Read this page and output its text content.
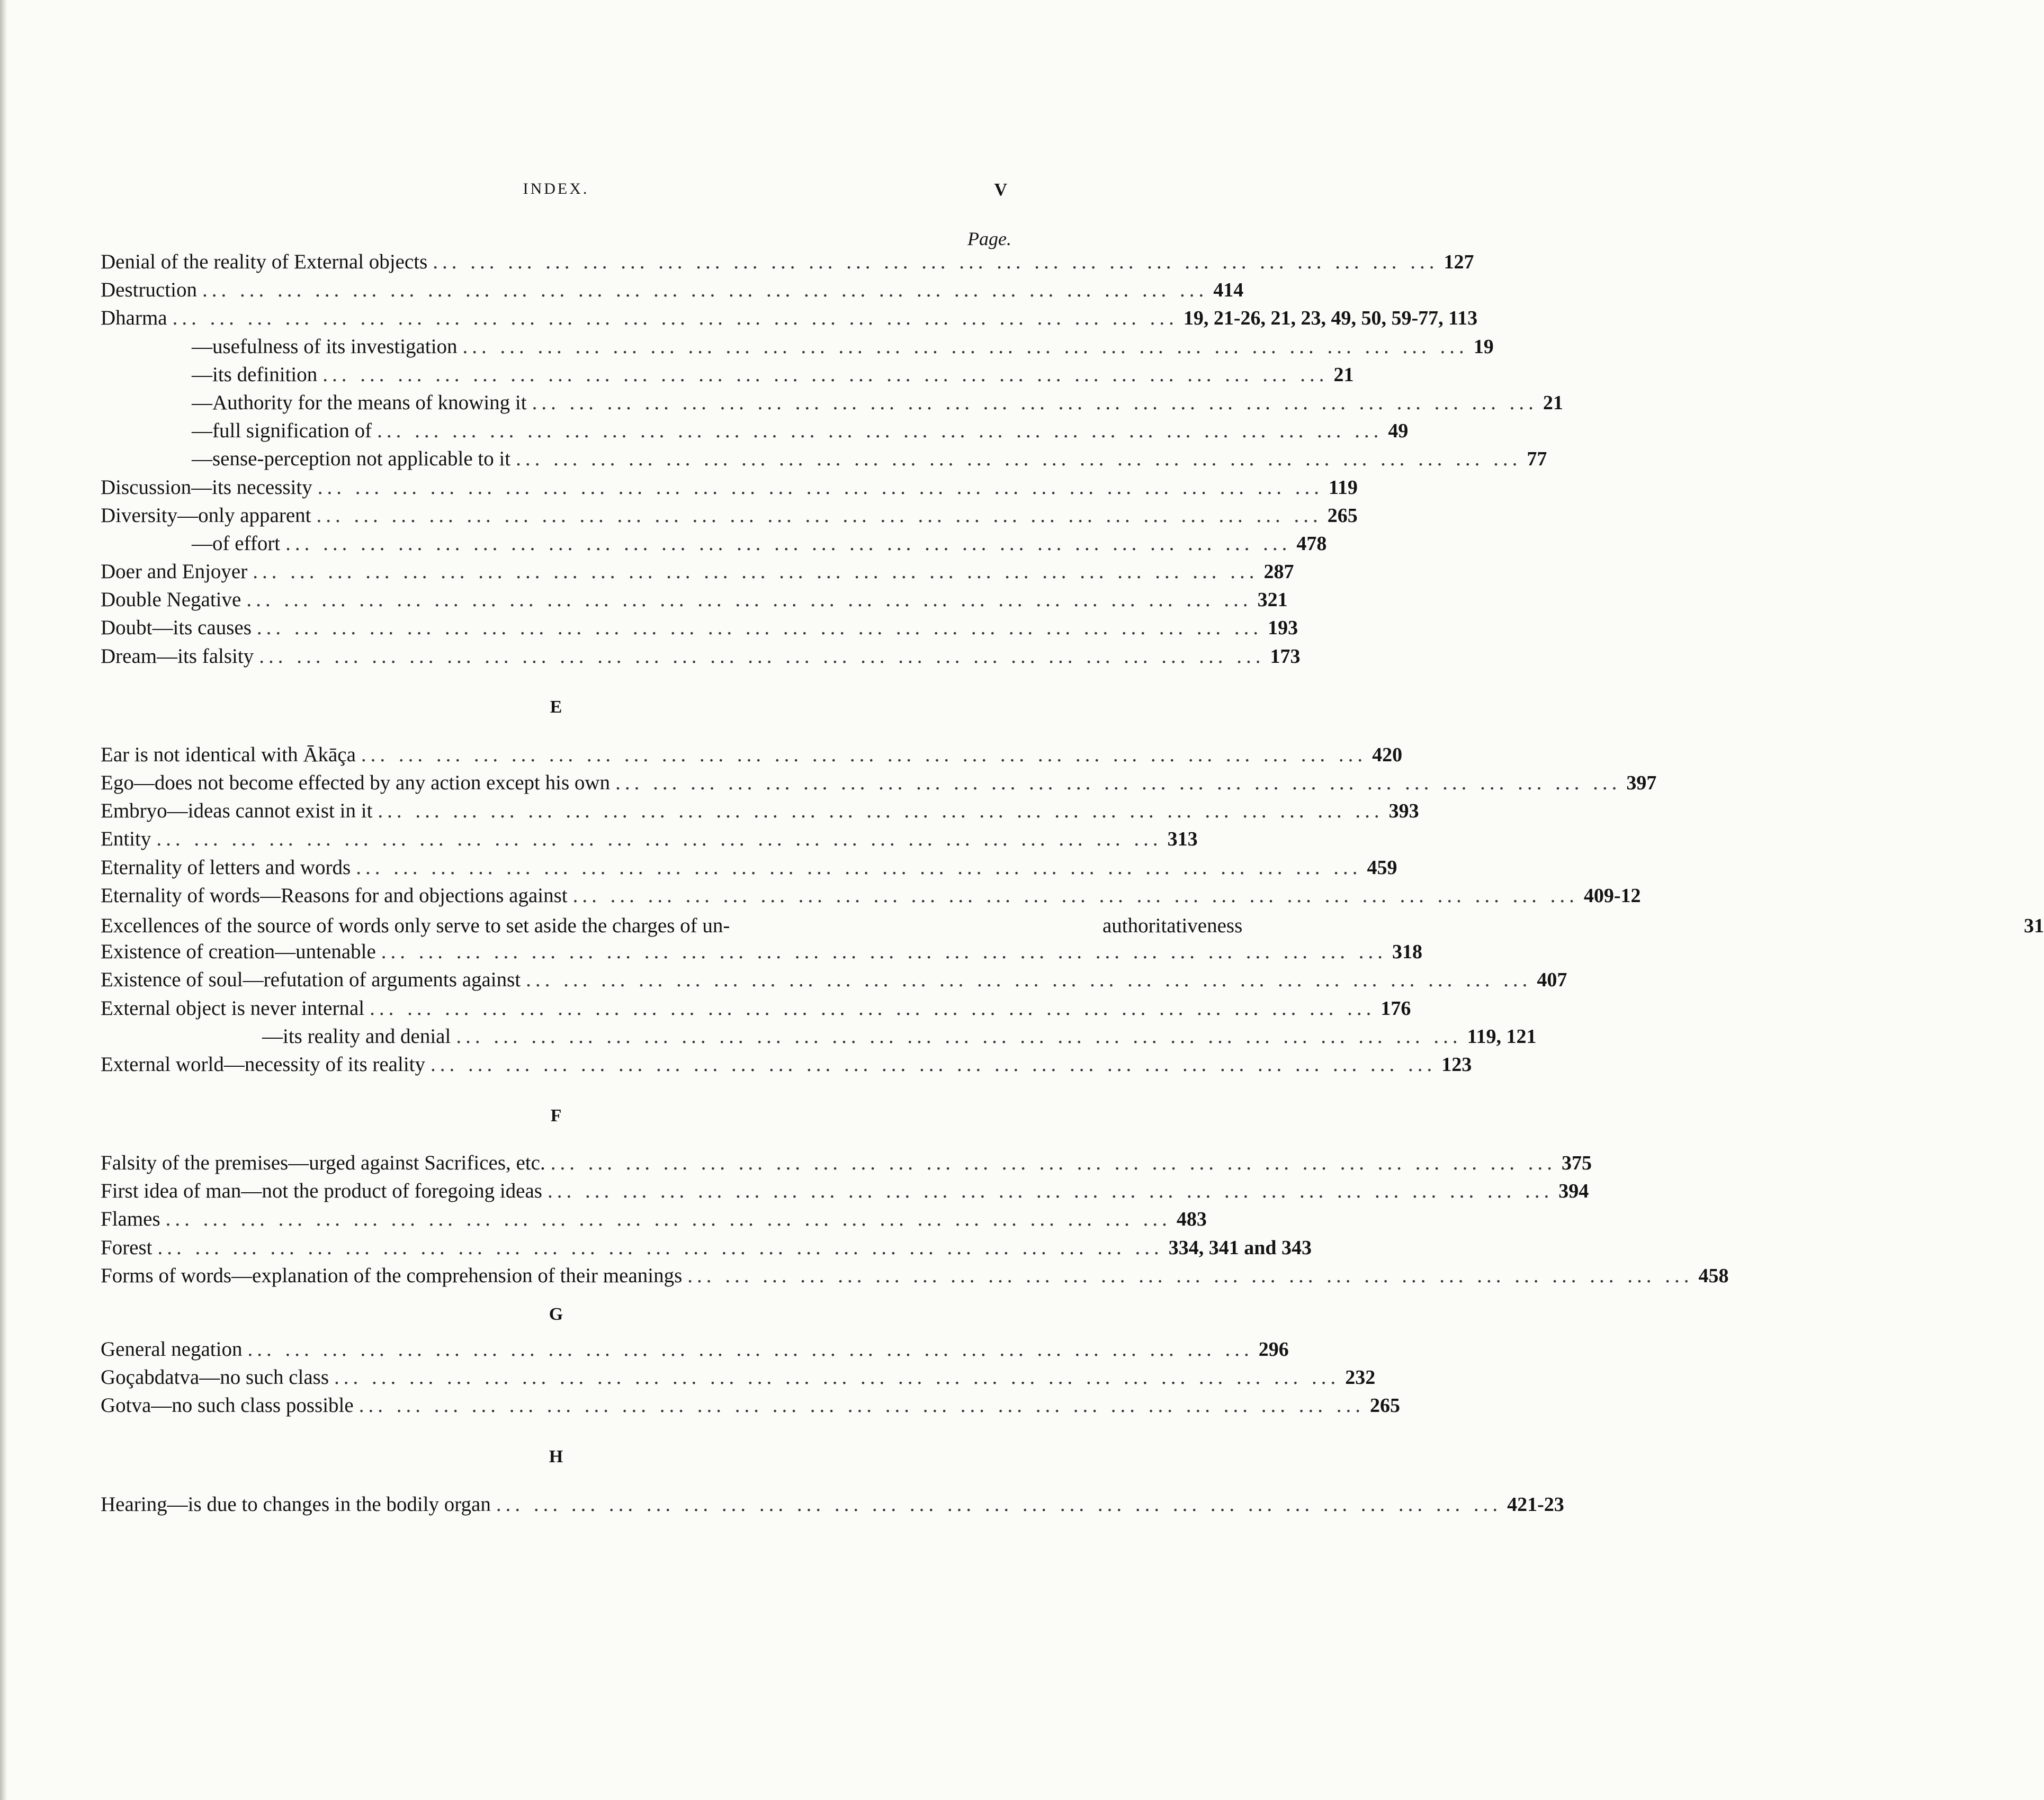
INDEX.	V
Page.
Denial of the reality of External objects ... .	127
Destruction ... .	414
Dharma ... .	19, 21-26, 21, 23, 49, 50, 59-77, 113
—usefulness of its investigation ... .	19
—its definition ... .	21
—Authority for the means of knowing it ... .	21
—full signification of ... .	49
—sense-perception not applicable to it ... .	77
Discussion—its necessity ... .	119
Diversity—only apparent ... .	265
—of effort ... .	478
Doer and Enjoyer ... .	287
Double Negative ... .	321
Doubt—its causes ... .	193
Dream—its falsity ... .	173
E
Ear is not identical with Ākāça ... .	420
Ego—does not become effected by any action except his own ... .	397
Embryo—ideas cannot exist in it ... .	393
Entity ... .	313
Eternality of letters and words ... .	459
Eternality of words—Reasons for and objections against ... .	409-12
Excellences of the source of words only serve to set aside the charges of un-	authoritativeness	31
Existence of creation—untenable ... .	318
Existence of soul—refutation of arguments against ... .	407
External object is never internal ... .	176
—its reality and denial ... .	119, 121
External world—necessity of its reality ... .	123
F
Falsity of the premises—urged against Sacrifices, etc. ... .	375
First idea of man—not the product of foregoing ideas ... .	394
Flames ... .	483
Forest ... .	334, 341 and 343
Forms of words—explanation of the comprehension of their meanings ... .	458
G
General negation ... .	296
Goçabdatva—no such class ... .	232
Gotva—no such class possible ... .	265
H
Hearing—is due to changes in the bodily organ ... .	421-23
